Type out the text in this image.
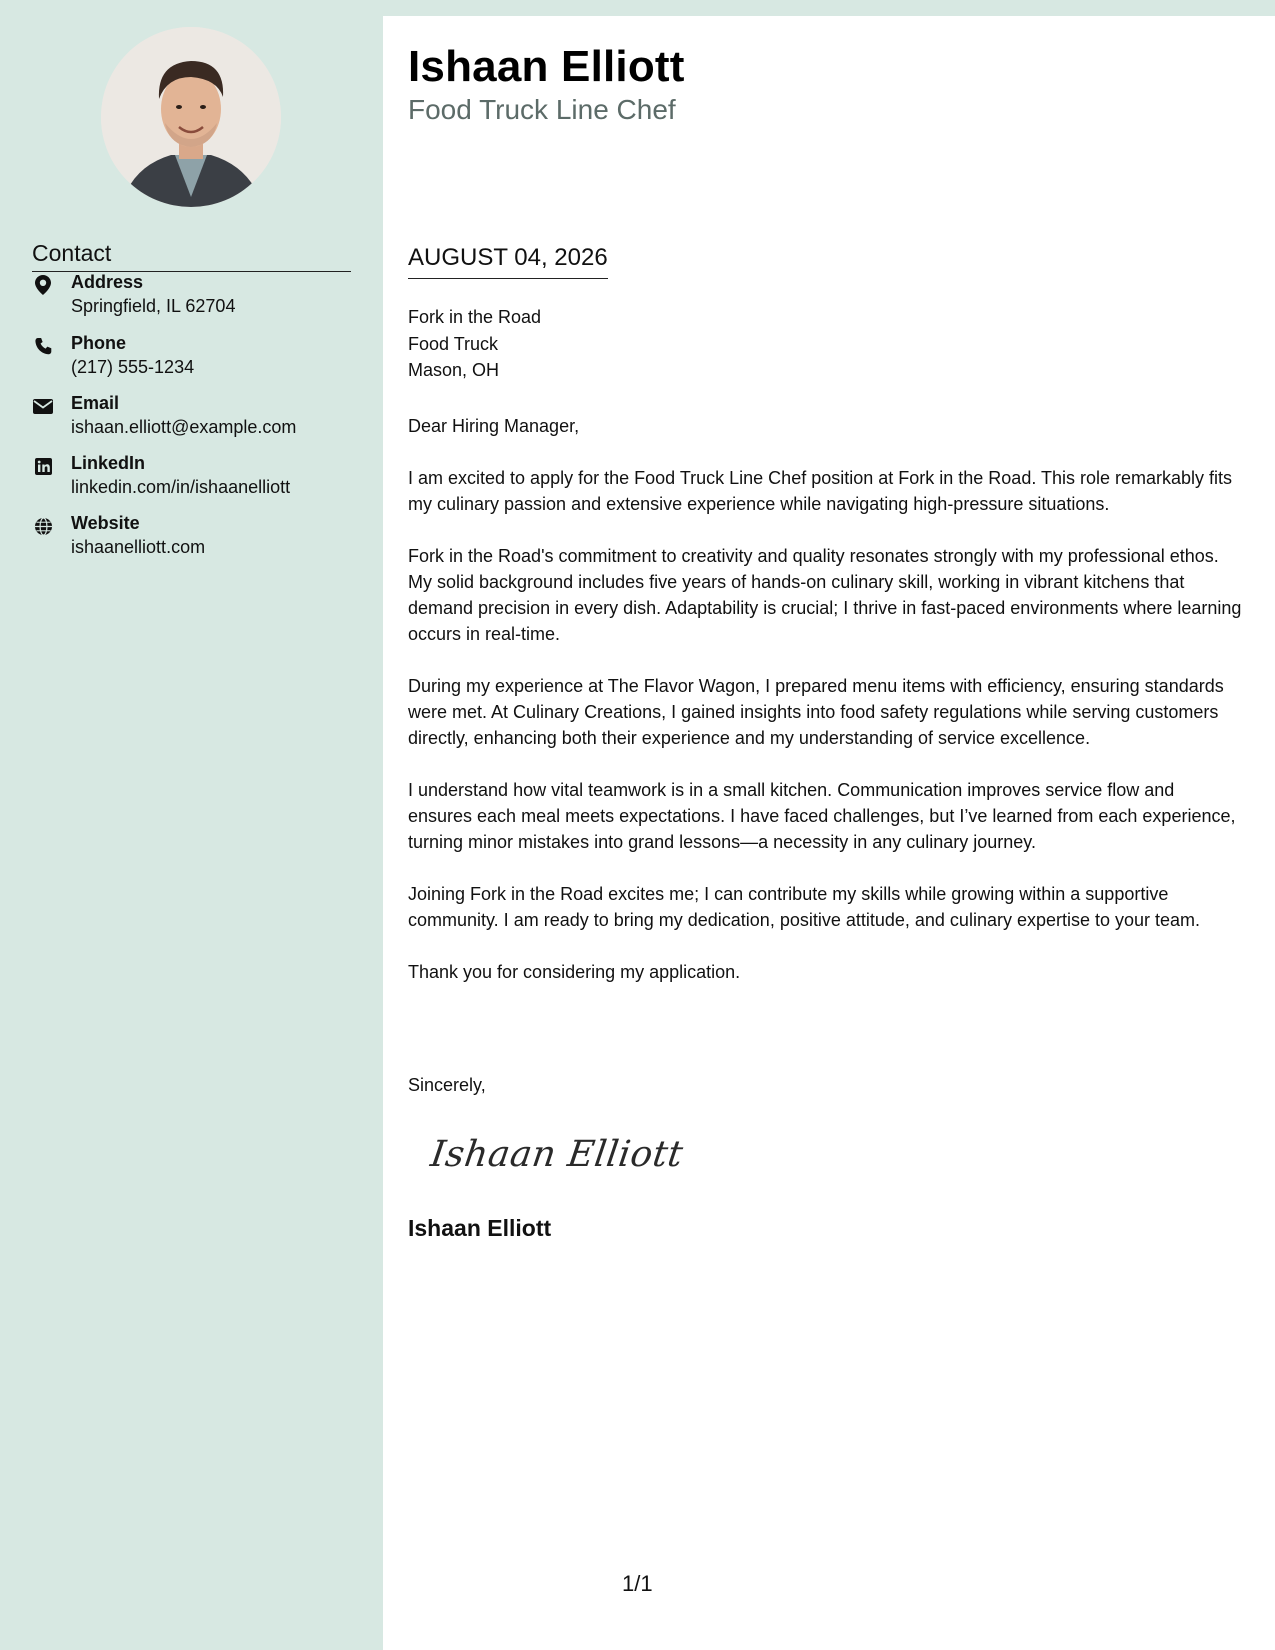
Contact
Address
Springfield, IL 62704
Phone
(217) 555-1234
Email
ishaan.elliott@example.com
LinkedIn
linkedin.com/in/ishaanelliott
Website
ishaanelliott.com
Ishaan Elliott
Food Truck Line Chef
AUGUST 04, 2026
Fork in the Road
Food Truck
Mason, OH

Dear Hiring Manager,

I am excited to apply for the Food Truck Line Chef position at Fork in the Road. This role remarkably fits my culinary passion and extensive experience while navigating high-pressure situations.

Fork in the Road's commitment to creativity and quality resonates strongly with my professional ethos. My solid background includes five years of hands-on culinary skill, working in vibrant kitchens that demand precision in every dish. Adaptability is crucial; I thrive in fast-paced environments where learning occurs in real-time.

During my experience at The Flavor Wagon, I prepared menu items with efficiency, ensuring standards were met. At Culinary Creations, I gained insights into food safety regulations while serving customers directly, enhancing both their experience and my understanding of service excellence.

I understand how vital teamwork is in a small kitchen. Communication improves service flow and ensures each meal meets expectations. I have faced challenges, but I’ve learned from each experience, turning minor mistakes into grand lessons—a necessity in any culinary journey.

Joining Fork in the Road excites me; I can contribute my skills while growing within a supportive community. I am ready to bring my dedication, positive attitude, and culinary expertise to your team.

Thank you for considering my application.

Sincerely,
Ishaan Elliott
Ishaan Elliott
1/1
